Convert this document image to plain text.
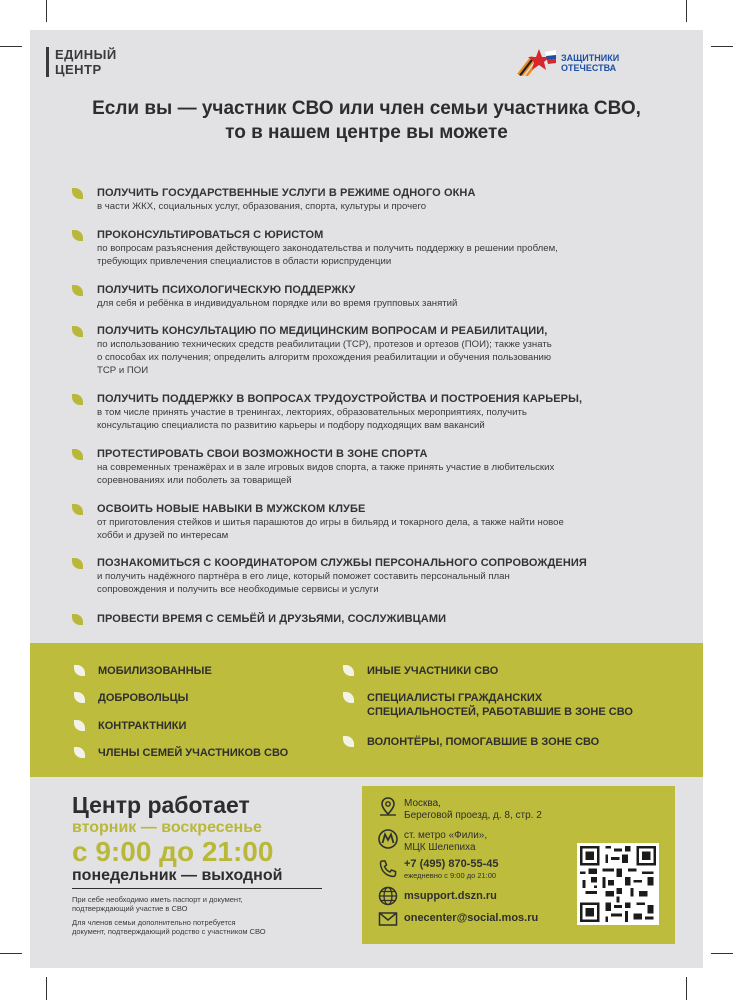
ЕДИНЫЙ
ЦЕНТР
ЗАЩИТНИКИ
ОТЕЧЕСТВА
Если вы — участник СВО или член семьи участника СВО,
то в нашем центре вы можете
ПОЛУЧИТЬ ГОСУДАРСТВЕННЫЕ УСЛУГИ В РЕЖИМЕ ОДНОГО ОКНА
в части ЖКХ, социальных услуг, образования, спорта, культуры и прочего
ПРОКОНСУЛЬТИРОВАТЬСЯ С ЮРИСТОМ
по вопросам разъяснения действующего законодательства и получить поддержку в решении проблем,
требующих привлечения специалистов в области юриспруденции
ПОЛУЧИТЬ ПСИХОЛОГИЧЕСКУЮ ПОДДЕРЖКУ
для себя и ребёнка в индивидуальном порядке или во время групповых занятий
ПОЛУЧИТЬ КОНСУЛЬТАЦИЮ ПО МЕДИЦИНСКИМ ВОПРОСАМ И РЕАБИЛИТАЦИИ,
по использованию технических средств реабилитации (ТСР), протезов и ортезов (ПОИ); также узнать
о способах их получения; определить алгоритм прохождения реабилитации и обучения пользованию
ТСР и ПОИ
ПОЛУЧИТЬ ПОДДЕРЖКУ В ВОПРОСАХ ТРУДОУСТРОЙСТВА И ПОСТРОЕНИЯ КАРЬЕРЫ,
в том числе принять участие в тренингах, лекториях, образовательных мероприятиях, получить
консультацию специалиста по развитию карьеры и подбору подходящих вам вакансий
ПРОТЕСТИРОВАТЬ СВОИ ВОЗМОЖНОСТИ В ЗОНЕ СПОРТА
на современных тренажёрах и в зале игровых видов спорта, а также принять участие в любительских
соревнованиях или поболеть за товарищей
ОСВОИТЬ НОВЫЕ НАВЫКИ В МУЖСКОМ КЛУБЕ
от приготовления стейков и шитья парашютов до игры в бильярд и токарного дела, а также найти новое
хобби и друзей по интересам
ПОЗНАКОМИТЬСЯ С КООРДИНАТОРОМ СЛУЖБЫ ПЕРСОНАЛЬНОГО СОПРОВОЖДЕНИЯ
и получить надёжного партнёра в его лице, который поможет составить персональный план
сопровождения и получить все необходимые сервисы и услуги
ПРОВЕСТИ ВРЕМЯ С СЕМЬЁЙ И ДРУЗЬЯМИ, СОСЛУЖИВЦАМИ
МОБИЛИЗОВАННЫЕ
ДОБРОВОЛЬЦЫ
КОНТРАКТНИКИ
ЧЛЕНЫ СЕМЕЙ УЧАСТНИКОВ СВО
ИНЫЕ УЧАСТНИКИ СВО
СПЕЦИАЛИСТЫ ГРАЖДАНСКИХ
СПЕЦИАЛЬНОСТЕЙ, РАБОТАВШИЕ В ЗОНЕ СВО
ВОЛОНТЁРЫ, ПОМОГАВШИЕ В ЗОНЕ СВО
Центр работает
вторник — воскресенье
с 9:00 до 21:00
понедельник — выходной
При себе необходимо иметь паспорт и документ,
подтверждающий участие в СВО
Для членов семьи дополнительно потребуется
документ, подтверждающий родство с участником СВО
Москва,
Береговой проезд, д. 8, стр. 2
ст. метро «Фили»,
МЦК Шелепиха
+7 (495) 870-55-45
ежедневно с 9:00 до 21:00
msupport.dszn.ru
onecenter@social.mos.ru
